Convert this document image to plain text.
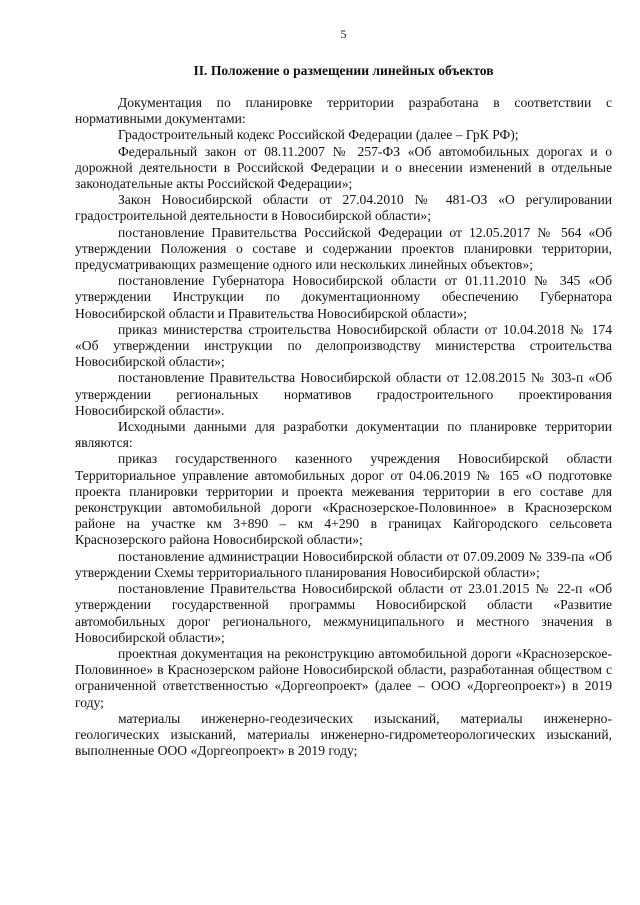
5
II. Положение о размещении линейных объектов

Документация по планировке территории разработана в соответствии с нормативными документами:

Градостроительный кодекс Российской Федерации (далее – ГрК РФ);

Федеральный закон от 08.11.2007 № 257-ФЗ «Об автомобильных дорогах и о дорожной деятельности в Российской Федерации и о внесении изменений в отдельные законодательные акты Российской Федерации»;

Закон Новосибирской области от 27.04.2010 № 481-ОЗ «О регулировании градостроительной деятельности в Новосибирской области»;

постановление Правительства Российской Федерации от 12.05.2017 № 564 «Об утверждении Положения о составе и содержании проектов планировки территории, предусматривающих размещение одного или нескольких линейных объектов»;

постановление Губернатора Новосибирской области от 01.11.2010 № 345 «Об утверждении Инструкции по документационному обеспечению Губернатора Новосибирской области и Правительства Новосибирской области»;

приказ министерства строительства Новосибирской области от 10.04.2018 № 174 «Об утверждении инструкции по делопроизводству министерства строительства Новосибирской области»;

постановление Правительства Новосибирской области от 12.08.2015 № 303-п «Об утверждении региональных нормативов градостроительного проектирования Новосибирской области».

Исходными данными для разработки документации по планировке территории являются:

приказ государственного казенного учреждения Новосибирской области Территориальное управление автомобильных дорог от 04.06.2019 № 165 «О подготовке проекта планировки территории и проекта межевания территории в его составе для реконструкции автомобильной дороги «Краснозерское-Половинное» в Краснозерском районе на участке км 3+890 – км 4+290 в границах Кайгородского сельсовета Краснозерского района Новосибирской области»;

постановление администрации Новосибирской области от 07.09.2009 № 339-па «Об утверждении Схемы территориального планирования Новосибирской области»;

постановление Правительства Новосибирской области от 23.01.2015 № 22-п «Об утверждении государственной программы Новосибирской области «Развитие автомобильных дорог регионального, межмуниципального и местного значения в Новосибирской области»;

проектная документация на реконструкцию автомобильной дороги «Краснозерское-Половинное» в Краснозерском районе Новосибирской области, разработанная обществом с ограниченной ответственностью «Доргеопроект» (далее – ООО «Доргеопроект») в 2019 году;

материалы инженерно-геодезических изысканий, материалы инженерно-геологических изысканий, материалы инженерно-гидрометеорологических изысканий, выполненные ООО «Доргеопроект» в 2019 году;
